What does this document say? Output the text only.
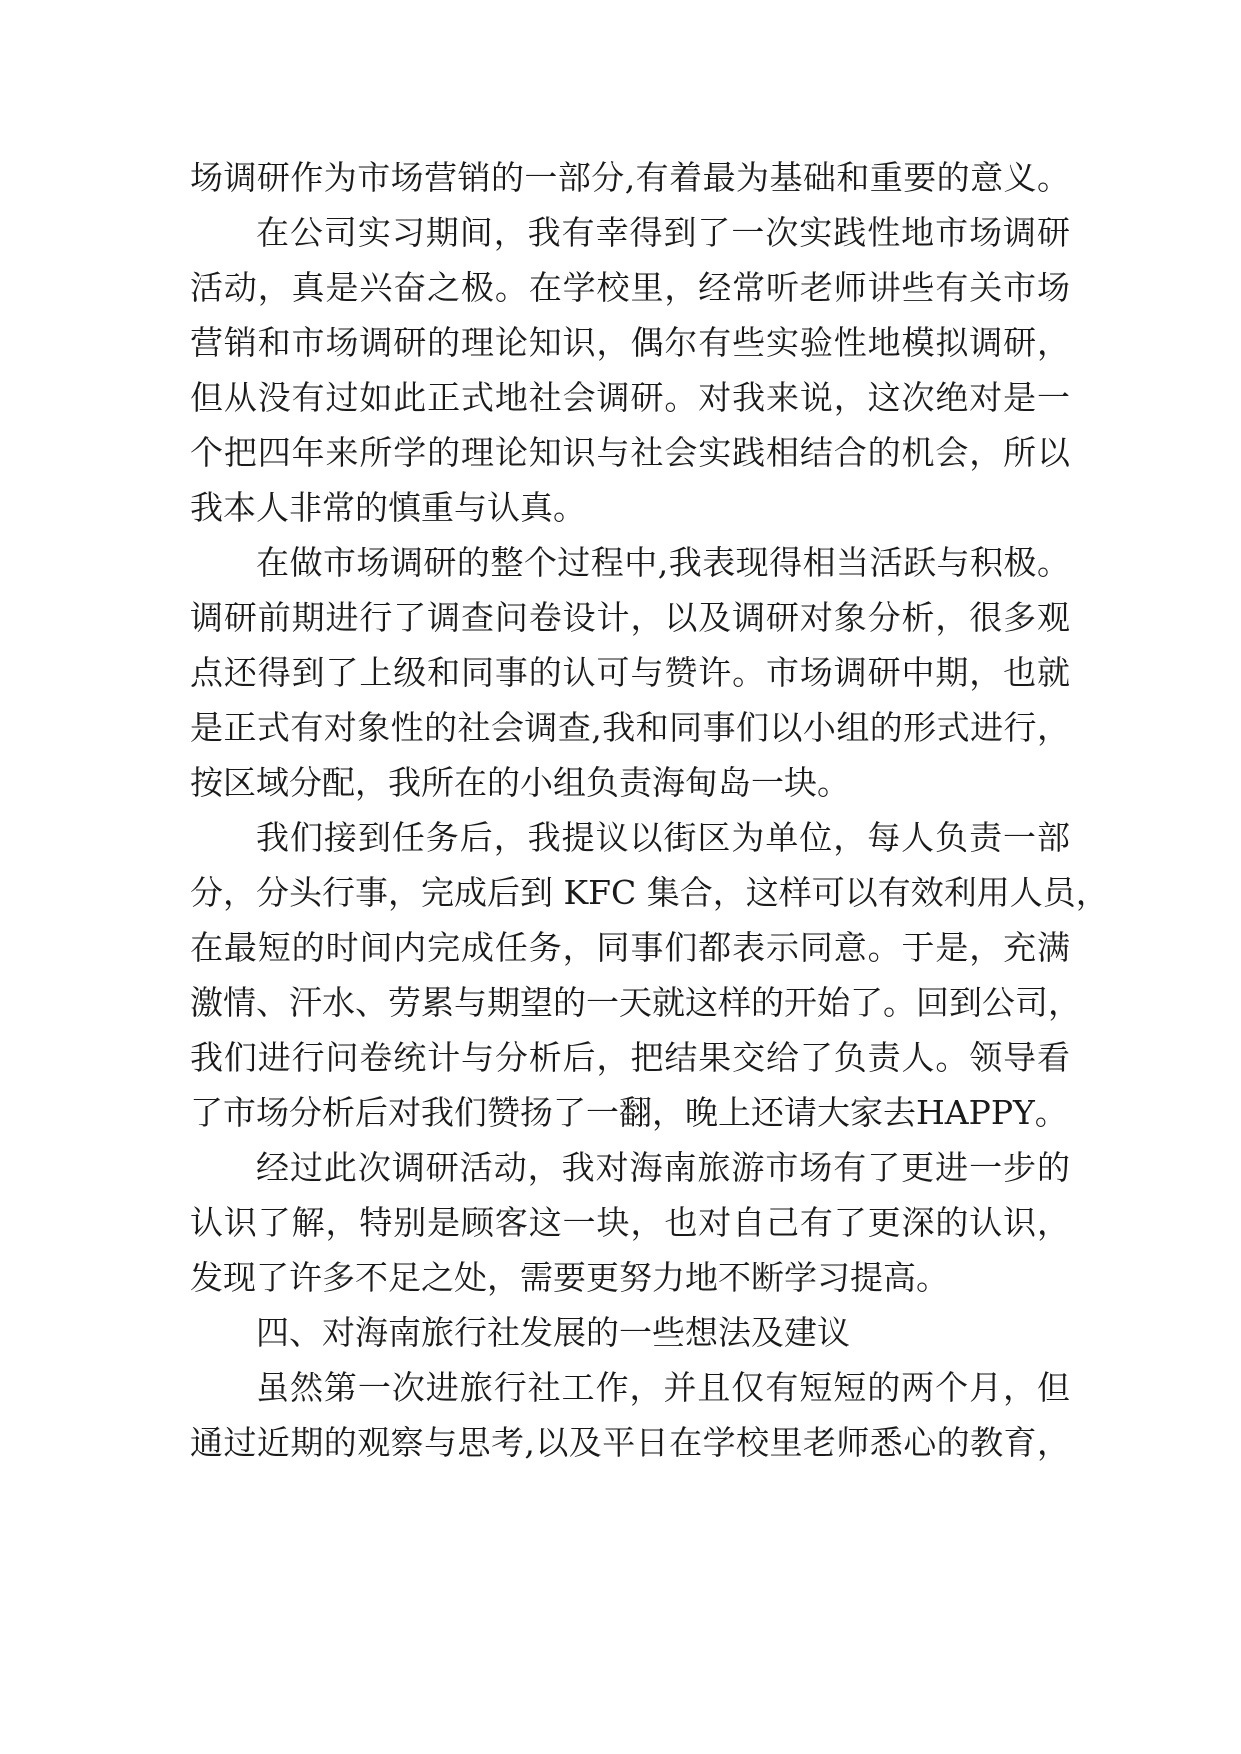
场调研作为市场营销的一部分,有着最为基础和重要的意义。
在公司实习期间，我有幸得到了一次实践性地市场调研
活动，真是兴奋之极。在学校里，经常听老师讲些有关市场
营销和市场调研的理论知识，偶尔有些实验性地模拟调研，
但从没有过如此正式地社会调研。对我来说，这次绝对是一
个把四年来所学的理论知识与社会实践相结合的机会，所以
我本人非常的慎重与认真。
在做市场调研的整个过程中,我表现得相当活跃与积极。
调研前期进行了调查问卷设计，以及调研对象分析，很多观
点还得到了上级和同事的认可与赞许。市场调研中期，也就
是正式有对象性的社会调查,我和同事们以小组的形式进行，
按区域分配，我所在的小组负责海甸岛一块。
我们接到任务后，我提议以街区为单位，每人负责一部
分，分头行事，完成后到 KFC 集合，这样可以有效利用人员，
在最短的时间内完成任务，同事们都表示同意。于是，充满
激情、汗水、劳累与期望的一天就这样的开始了。回到公司，
我们进行问卷统计与分析后，把结果交给了负责人。领导看
了市场分析后对我们赞扬了一翻，晚上还请大家去HAPPY。
经过此次调研活动，我对海南旅游市场有了更进一步的
认识了解，特别是顾客这一块，也对自己有了更深的认识，
发现了许多不足之处，需要更努力地不断学习提高。
四、对海南旅行社发展的一些想法及建议
虽然第一次进旅行社工作，并且仅有短短的两个月，但
通过近期的观察与思考,以及平日在学校里老师悉心的教育，
